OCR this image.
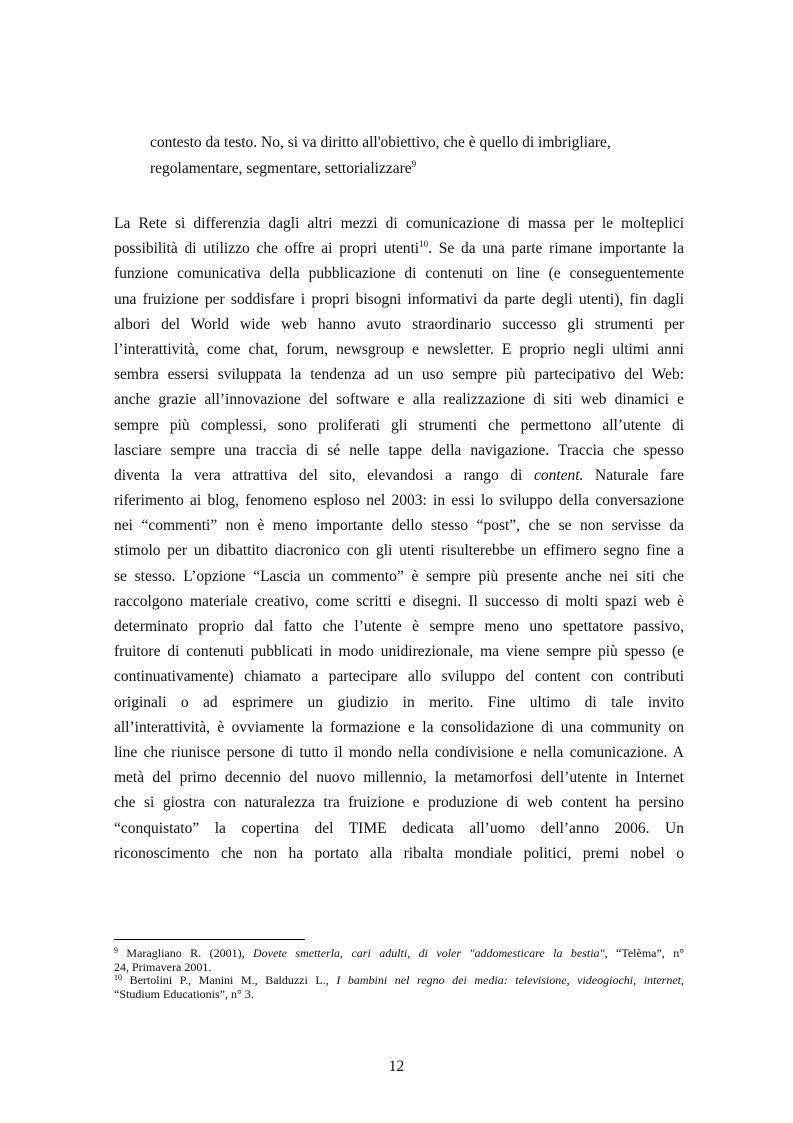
contesto da testo. No, si va diritto all'obiettivo, che è quello di imbrigliare,
regolamentare, segmentare, settorializzare$^9$
La Rete si differenzia dagli altri mezzi di comunicazione di massa per le molteplici
possibilità di utilizzo che offre ai propri utenti$^{10}$. Se da una parte rimane importante la
funzione comunicativa della pubblicazione di contenuti on line (e conseguentemente
una fruizione per soddisfare i propri bisogni informativi da parte degli utenti), fin dagli
albori del World wide web hanno avuto straordinario successo gli strumenti per
l’interattività, come chat, forum, newsgroup e newsletter. E proprio negli ultimi anni
sembra essersi sviluppata la tendenza ad un uso sempre più partecipativo del Web:
anche grazie all’innovazione del software e alla realizzazione di siti web dinamici e
sempre più complessi, sono proliferati gli strumenti che permettono all’utente di
lasciare sempre una traccia di sé nelle tappe della navigazione. Traccia che spesso
diventa la vera attrattiva del sito, elevandosi a rango di content. Naturale fare
riferimento ai blog, fenomeno esploso nel 2003: in essi lo sviluppo della conversazione
nei “commenti” non è meno importante dello stesso “post”, che se non servisse da
stimolo per un dibattito diacronico con gli utenti risulterebbe un effimero segno fine a
se stesso. L’opzione “Lascia un commento” è sempre più presente anche nei siti che
raccolgono materiale creativo, come scritti e disegni. Il successo di molti spazi web è
determinato proprio dal fatto che l’utente è sempre meno uno spettatore passivo,
fruitore di contenuti pubblicati in modo unidirezionale, ma viene sempre più spesso (e
continuativamente) chiamato a partecipare allo sviluppo del content con contributi
originali o ad esprimere un giudizio in merito. Fine ultimo di tale invito
all’interattività, è ovviamente la formazione e la consolidazione di una community on
line che riunisce persone di tutto il mondo nella condivisione e nella comunicazione. A
metà del primo decennio del nuovo millennio, la metamorfosi dell’utente in Internet
che si giostra con naturalezza tra fruizione e produzione di web content ha persino
“conquistato” la copertina del TIME dedicata all’uomo dell’anno 2006. Un
riconoscimento che non ha portato alla ribalta mondiale politici, premi nobel o
$^9$ Maragliano R. (2001), Dovete smetterla, cari adulti, di voler "addomesticare la bestia", “Telèma”, n°
24, Primavera 2001.
$^{10}$ Bertolini P., Manini M., Balduzzi L., I bambini nel regno dei media: televisione, videogiochi, internet,
“Studium Educationis”, n° 3.
12
